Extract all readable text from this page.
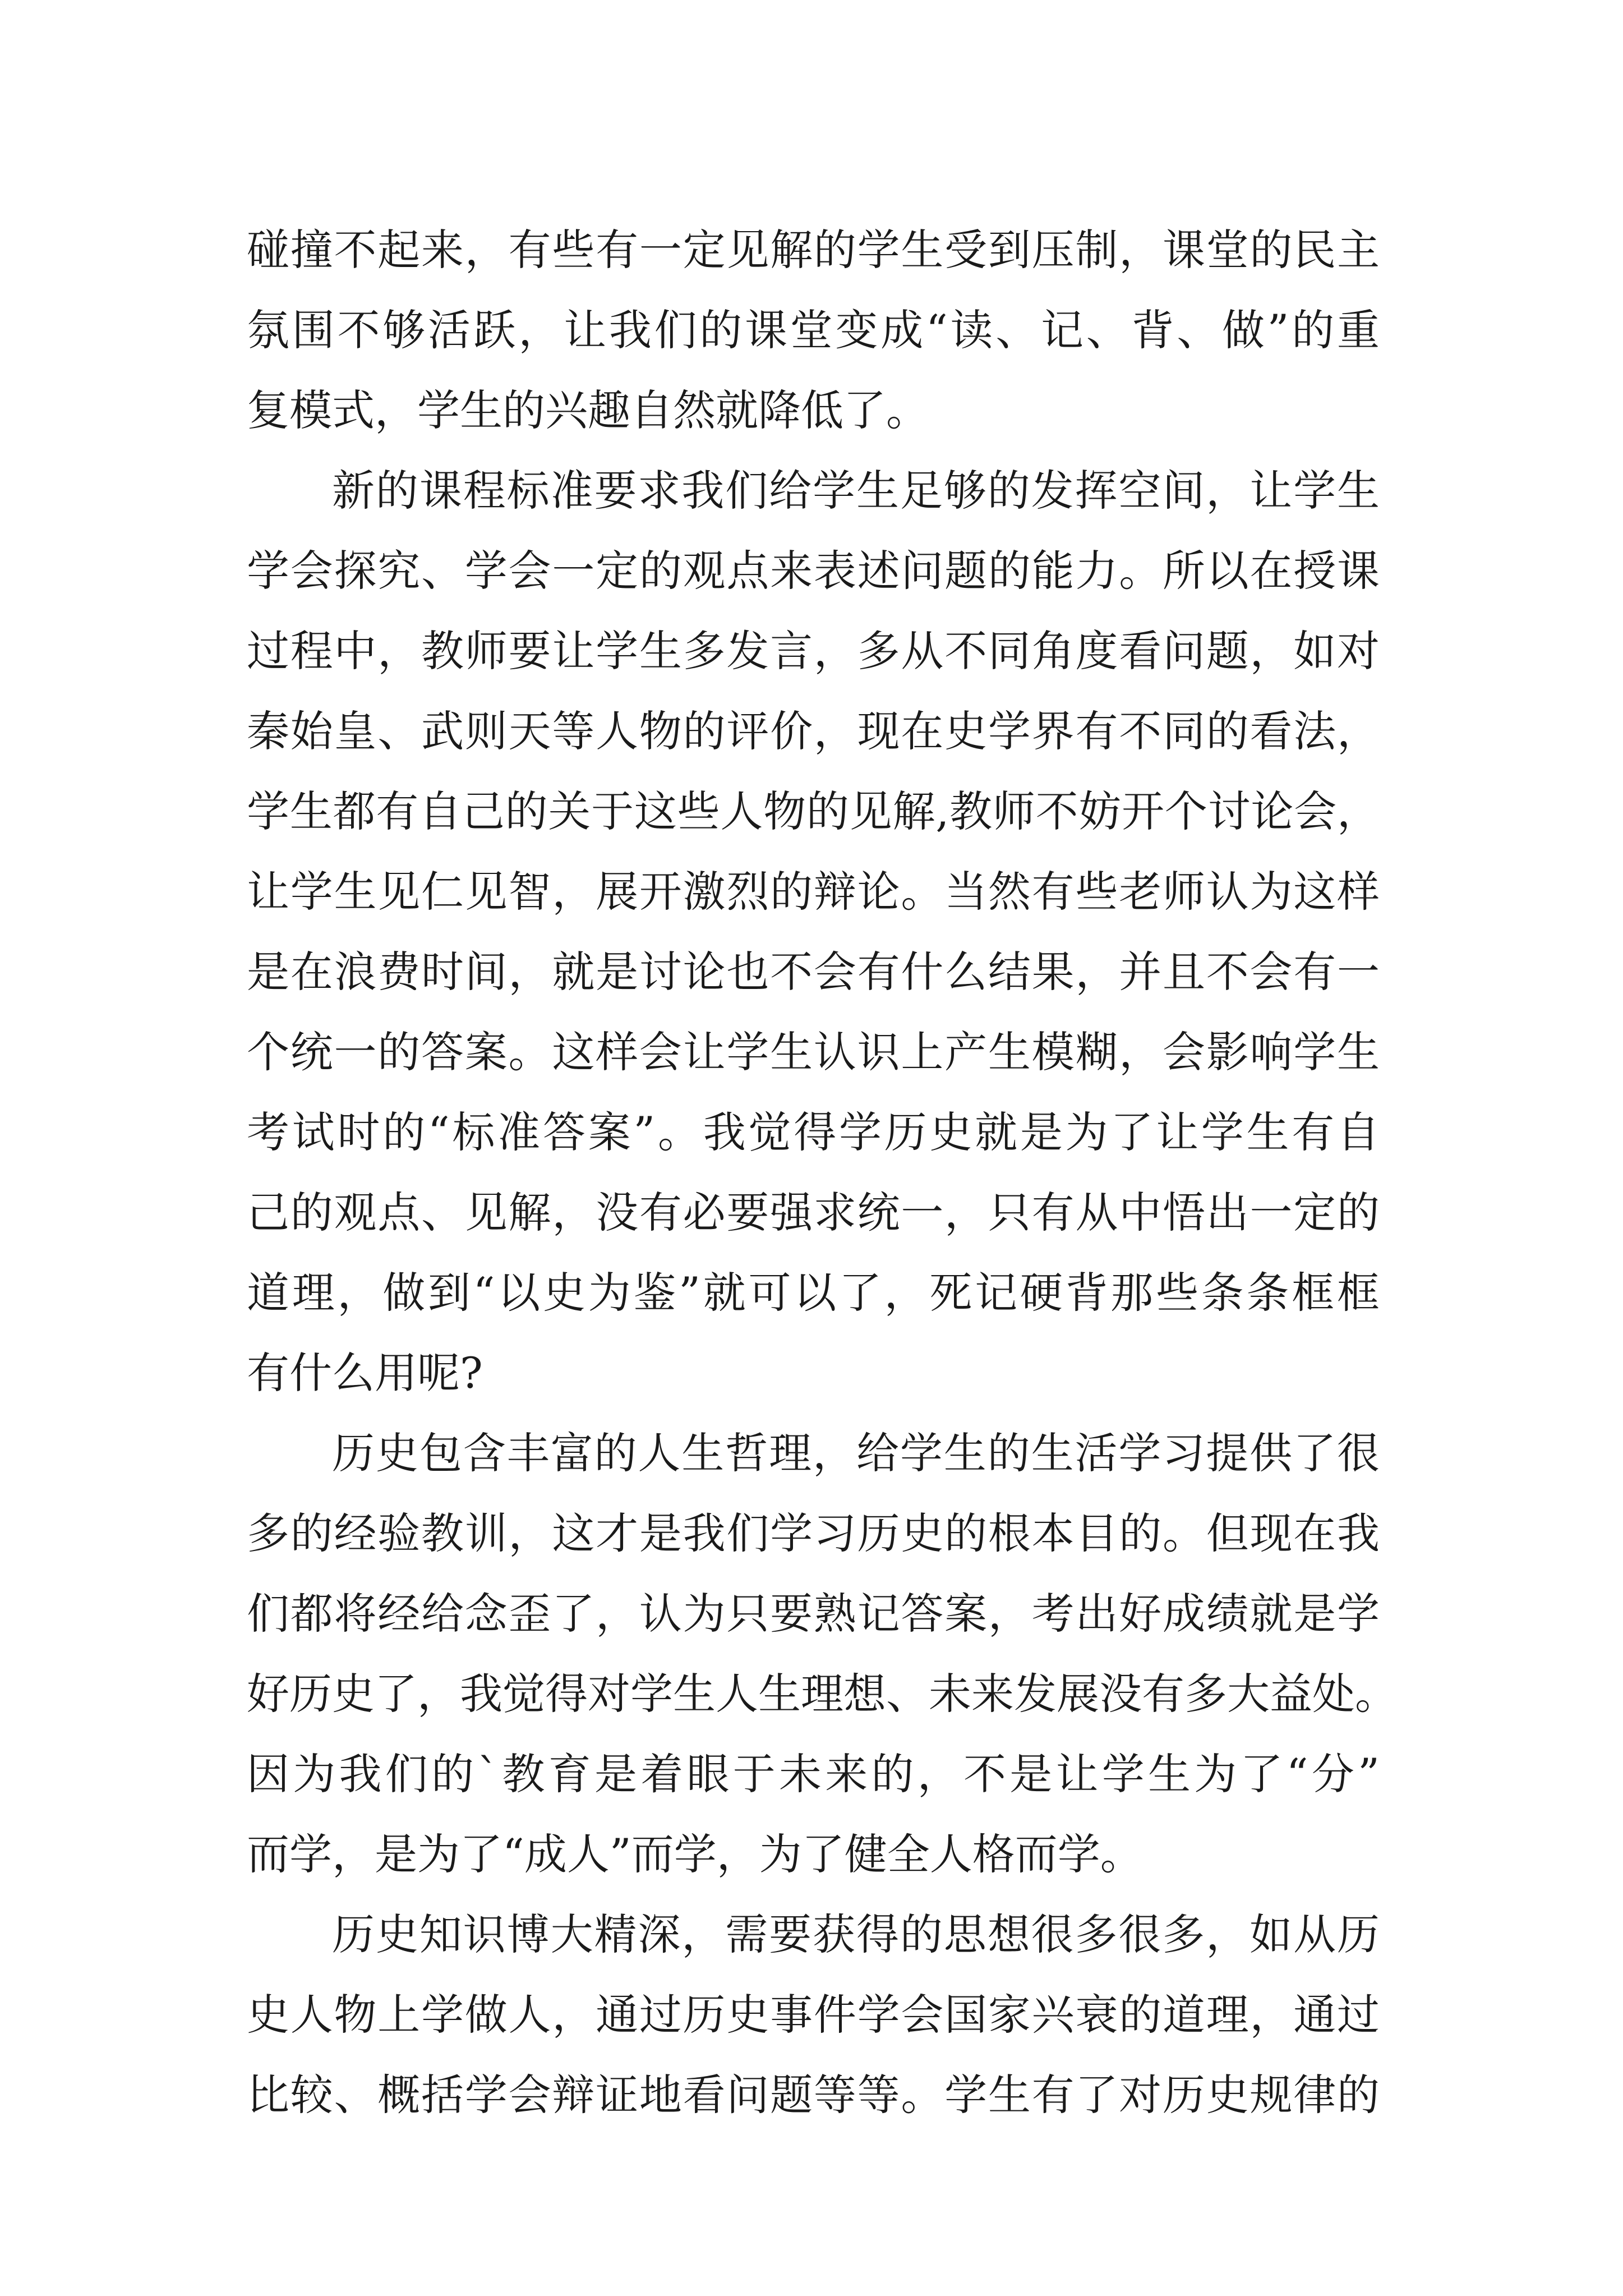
碰撞不起来，有些有一定见解的学生受到压制，课堂的民主
氛围不够活跃，让我们的课堂变成“读、记、背、做”的重
复模式，学生的兴趣自然就降低了。
新的课程标准要求我们给学生足够的发挥空间，让学生
学会探究、学会一定的观点来表述问题的能力。所以在授课
过程中，教师要让学生多发言，多从不同角度看问题，如对
秦始皇、武则天等人物的评价，现在史学界有不同的看法，
学生都有自己的关于这些人物的见解,教师不妨开个讨论会，
让学生见仁见智，展开激烈的辩论。当然有些老师认为这样
是在浪费时间，就是讨论也不会有什么结果，并且不会有一
个统一的答案。这样会让学生认识上产生模糊，会影响学生
考试时的“标准答案”。我觉得学历史就是为了让学生有自
己的观点、见解，没有必要强求统一，只有从中悟出一定的
道理，做到“以史为鉴”就可以了，死记硬背那些条条框框
有什么用呢?
历史包含丰富的人生哲理，给学生的生活学习提供了很
多的经验教训，这才是我们学习历史的根本目的。但现在我
们都将经给念歪了，认为只要熟记答案，考出好成绩就是学
好历史了，我觉得对学生人生理想、未来发展没有多大益处。
因为我们的`教育是着眼于未来的，不是让学生为了“分”
而学，是为了“成人”而学，为了健全人格而学。
历史知识博大精深，需要获得的思想很多很多，如从历
史人物上学做人，通过历史事件学会国家兴衰的道理，通过
比较、概括学会辩证地看问题等等。学生有了对历史规律的
